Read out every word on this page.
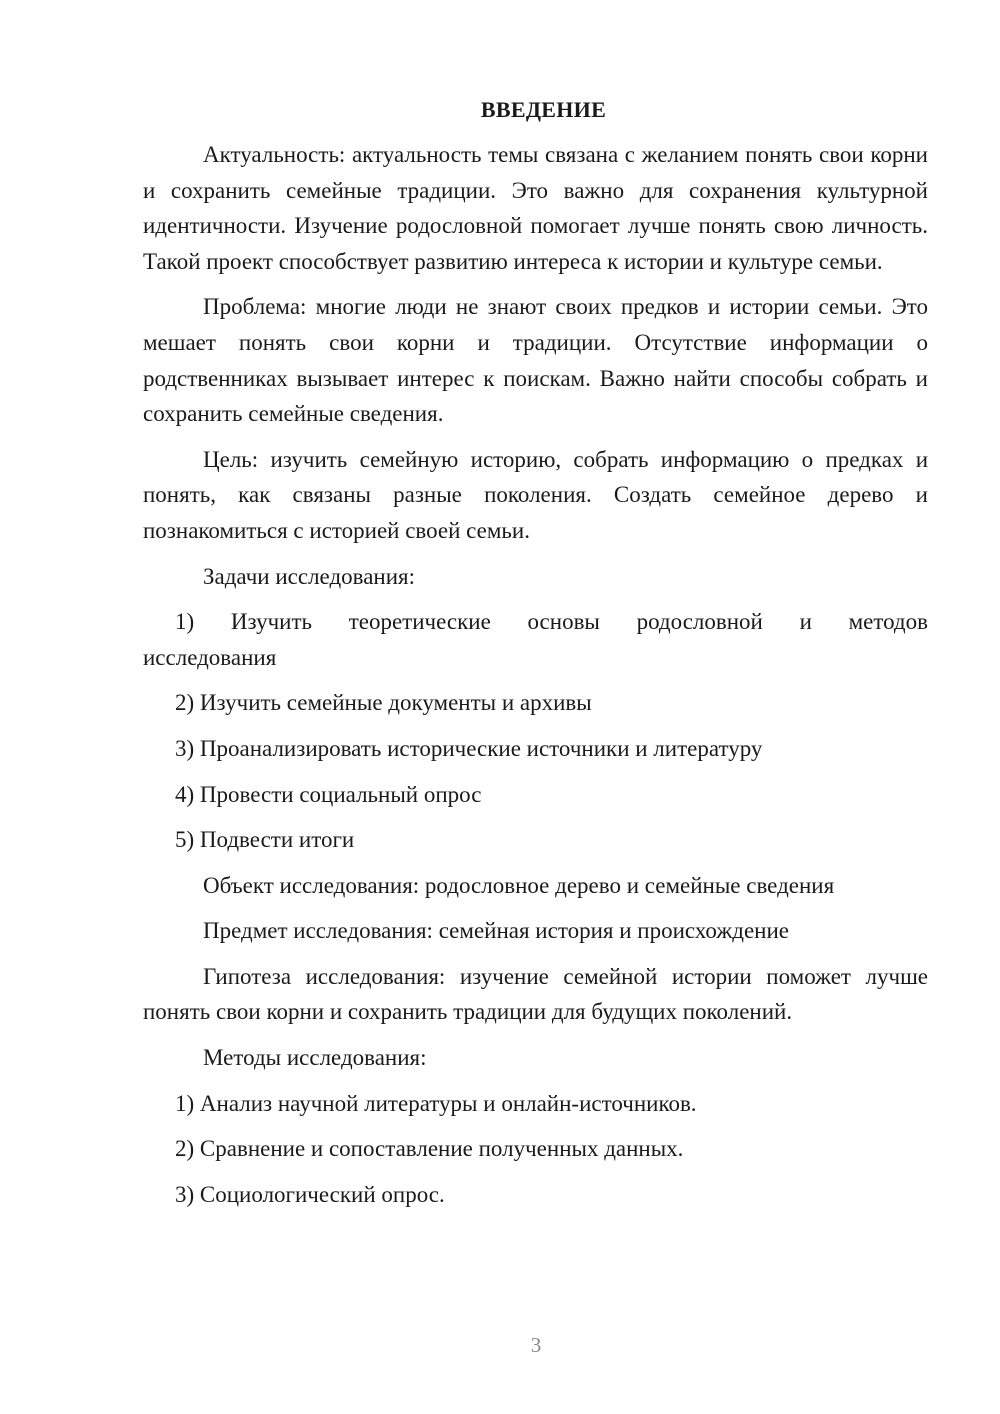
ВВЕДЕНИЕ

Актуальность: актуальность темы связана с желанием понять свои корни и сохранить семейные традиции. Это важно для сохранения культурной идентичности. Изучение родословной помогает лучше понять свою личность. Такой проект способствует развитию интереса к истории и культуре семьи.

Проблема: многие люди не знают своих предков и истории семьи. Это мешает понять свои корни и традиции. Отсутствие информации о родственниках вызывает интерес к поискам. Важно найти способы собрать и сохранить семейные сведения.

Цель: изучить семейную историю, собрать информацию о предках и понять, как связаны разные поколения. Создать семейное дерево и познакомиться с историей своей семьи.

Задачи исследования:

1) Изучить теоретические основы родословной и методов исследования

2) Изучить семейные документы и архивы

3) Проанализировать исторические источники и литературу

4) Провести социальный опрос

5) Подвести итоги

Объект исследования: родословное дерево и семейные сведения

Предмет исследования: семейная история и происхождение

Гипотеза исследования: изучение семейной истории поможет лучше понять свои корни и сохранить традиции для будущих поколений.

Методы исследования:

1) Анализ научной литературы и онлайн-источников.

2) Сравнение и сопоставление полученных данных.

3) Социологический опрос.

3
